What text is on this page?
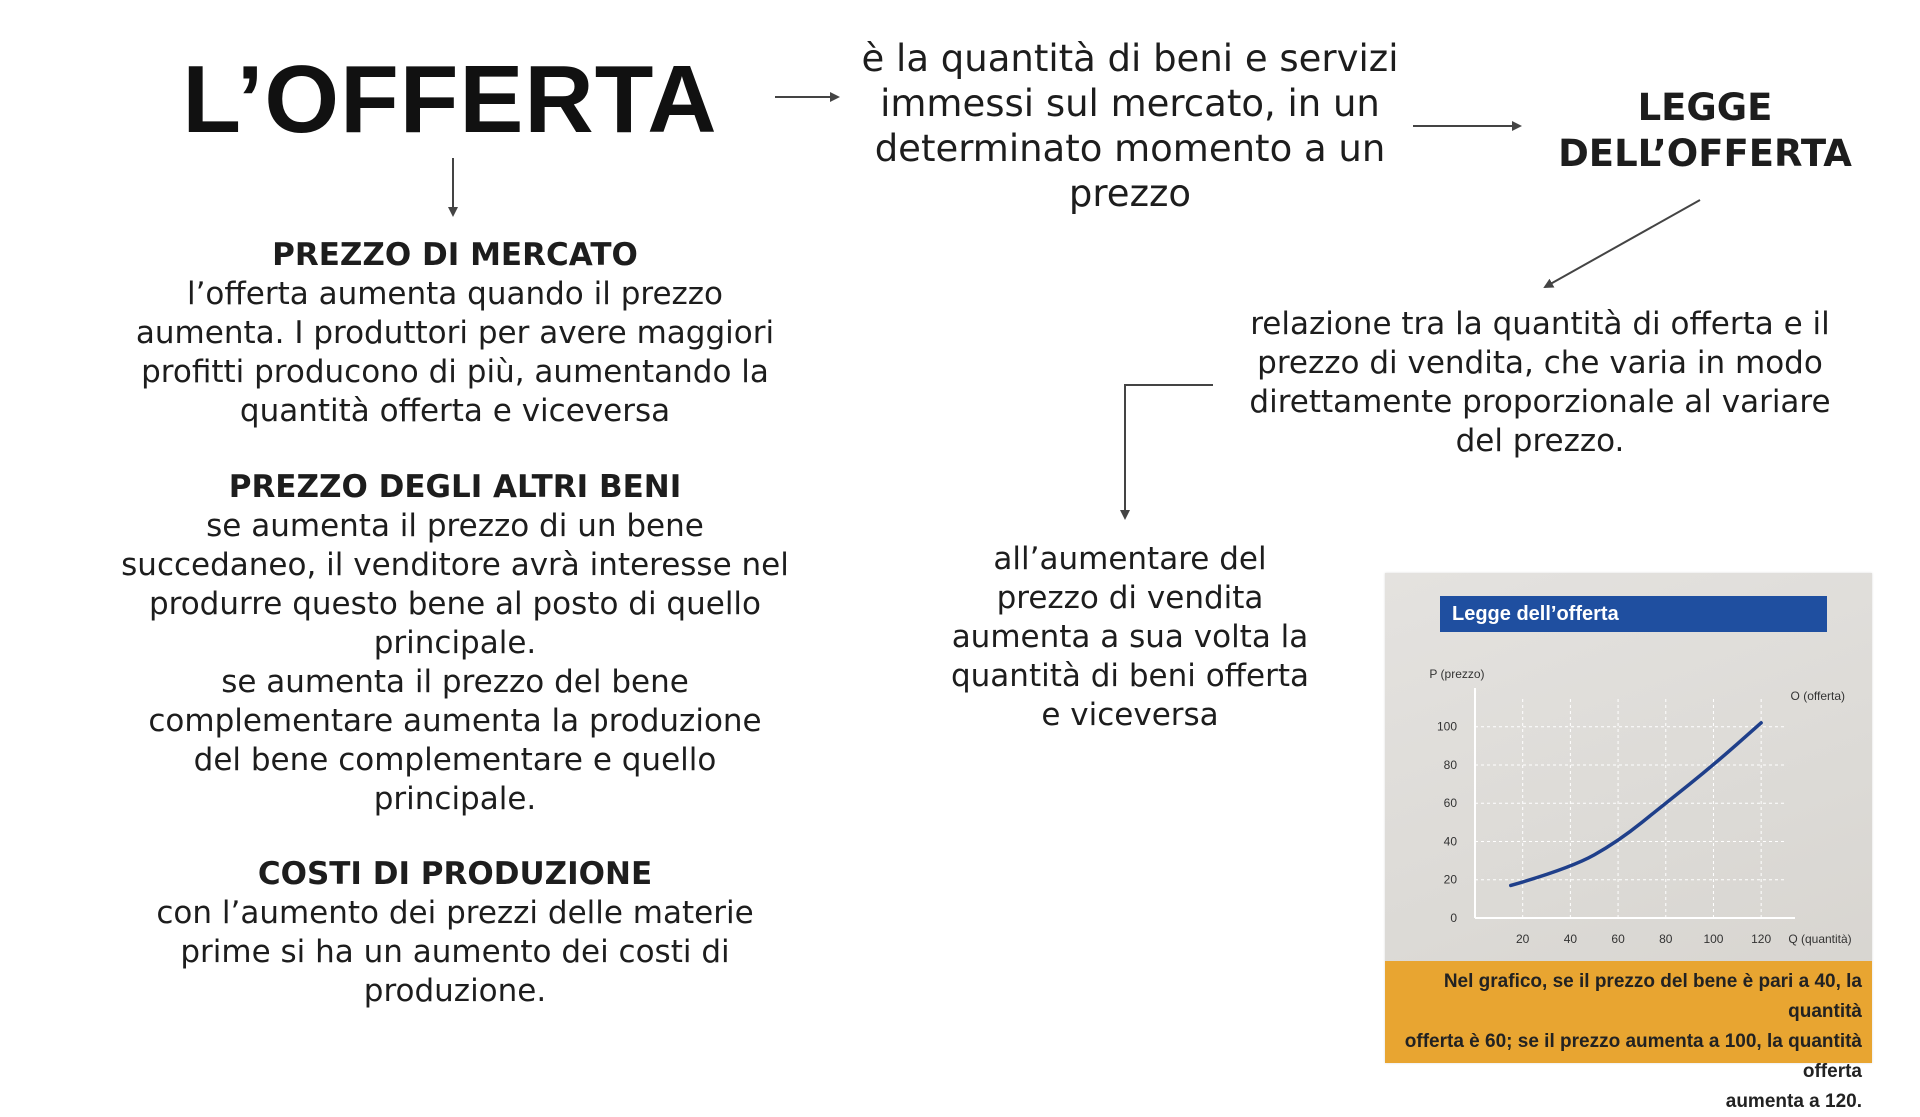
L’OFFERTA	è la quantità di beni e servizi immessi sul mercato, in un determinato momento a un prezzo
LEGGE
DELL’OFFERTA
PREZZO DI MERCATO
l’offerta aumenta quando il prezzo
aumenta. I produttori per avere maggiori
profitti producono di più, aumentando la
quantità offerta e viceversa
PREZZO DEGLI ALTRI BENI
se aumenta il prezzo di un bene
succedaneo, il venditore avrà interesse nel
produrre questo bene al posto di quello
principale.
se aumenta il prezzo del bene
complementare aumenta la produzione
del bene complementare e quello
principale.
COSTI DI PRODUZIONE
con l’aumento dei prezzi delle materie
prime si ha un aumento dei costi di
produzione.
relazione tra la quantità di offerta e il
prezzo di vendita, che varia in modo
direttamente proporzionale al variare
del prezzo.
all’aumentare del
prezzo di vendita
aumenta a sua volta la
quantità di beni offerta
e viceversa
Legge dell’offerta
0
20
40
60
80
100
20	40	60	80	100 120
P (prezzo)
Q (quantità)
O (offerta)
Nel grafico, se il prezzo del bene è pari a 40, la quantità
offerta è 60; se il prezzo aumenta a 100, la quantità offerta
aumenta a 120.
